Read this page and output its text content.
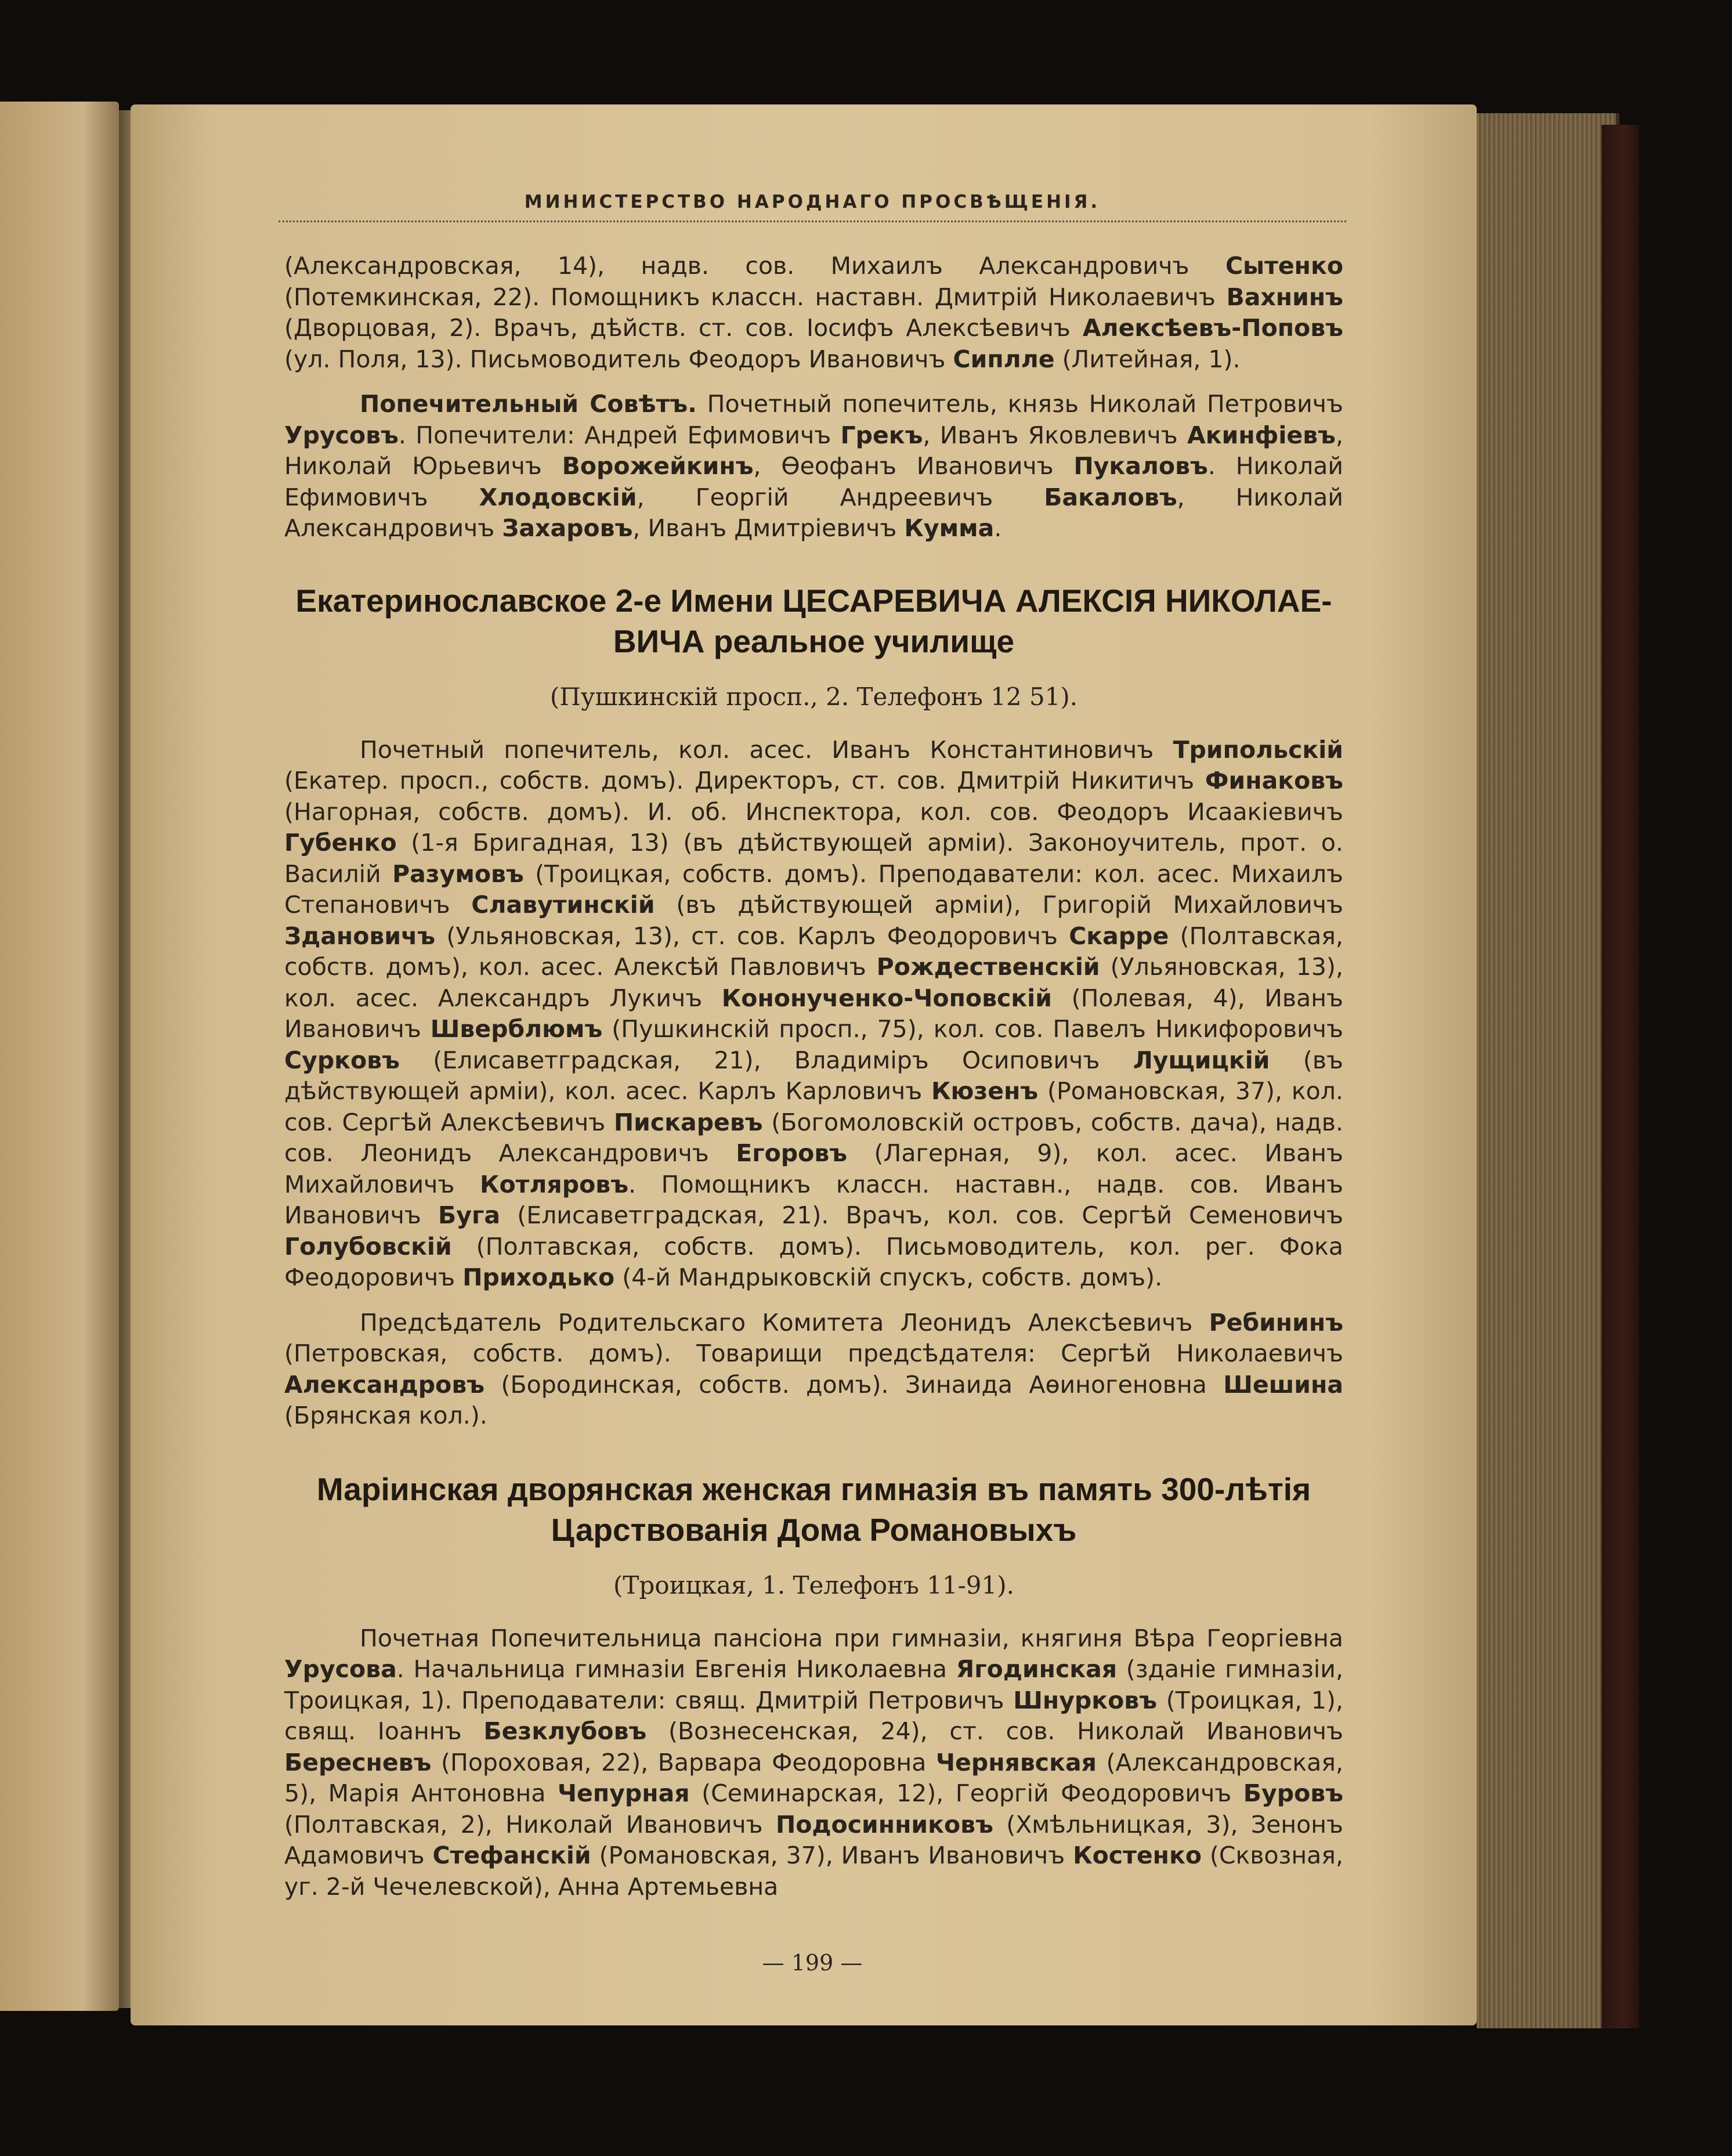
МИНИСТЕРСТВО НАРОДНАГО ПРОСВѢЩЕНІЯ.

(Александровская, 14), надв. сов. Михаилъ Александровичъ Сытенко (Потемкинская, 22). Помощникъ классн. наставн. Дмитрій Николаевичъ Вахнинъ (Дворцовая, 2). Врачъ, дѣйств. ст. сов. Іосифъ Алексѣевичъ Алексѣевъ-Поповъ (ул. Поля, 13). Письмоводитель Феодоръ Ивановичъ Сиплле (Литейная, 1).

Попечительный Совѣтъ. Почетный попечитель, князь Николай Петровичъ Урусовъ. Попечители: Андрей Ефимовичъ Грекъ, Иванъ Яковлевичъ Акинфіевъ, Николай Юрьевичъ Ворожейкинъ, Өеофанъ Ивановичъ Пукаловъ. Николай Ефимовичъ Хлодовскій, Георгій Андреевичъ Бакаловъ, Николай Александровичъ Захаровъ, Иванъ Дмитріевичъ Кумма.

Екатеринославское 2-е Имени ЦЕСАРЕВИЧА АЛЕКСІЯ НИКОЛАЕ-

ВИЧА реальное училище

(Пушкинскій просп., 2. Телефонъ 12 51).

Почетный попечитель, кол. асес. Иванъ Константиновичъ Трипольскій (Екатер. просп., собств. домъ). Директоръ, ст. сов. Дмитрій Никитичъ Финаковъ (Нагорная, собств. домъ). И. об. Инспектора, кол. сов. Феодоръ Исаакіевичъ Губенко (1-я Бригадная, 13) (въ дѣйствующей арміи). Законоучитель, прот. о. Василій Разумовъ (Троицкая, собств. домъ). Преподаватели: кол. асес. Михаилъ Степановичъ Славутинскій (въ дѣйствующей арміи), Григорій Михайловичъ Здановичъ (Ульяновская, 13), ст. сов. Карлъ Феодоровичъ Скарре (Полтавская, собств. домъ), кол. асес. Алексѣй Павловичъ Рождественскій (Ульяновская, 13), кол. асес. Александръ Лукичъ Кононученко-Чоповскій (Полевая, 4), Иванъ Ивановичъ Шверблюмъ (Пушкинскій просп., 75), кол. сов. Павелъ Никифоровичъ Сурковъ (Елисаветградская, 21), Владиміръ Осиповичъ Лущицкій (въ дѣйствующей арміи), кол. асес. Карлъ Карловичъ Кюзенъ (Романовская, 37), кол. сов. Сергѣй Алексѣевичъ Пискаревъ (Богомоловскій островъ, собств. дача), надв. сов. Леонидъ Александровичъ Егоровъ (Лагерная, 9), кол. асес. Иванъ Михайловичъ Котляровъ. Помощникъ классн. наставн., надв. сов. Иванъ Ивановичъ Буга (Елисаветградская, 21). Врачъ, кол. сов. Сергѣй Семеновичъ Голубовскій (Полтавская, собств. домъ). Письмоводитель, кол. рег. Фока Феодоровичъ Приходько (4-й Мандрыковскій спускъ, собств. домъ).

Предсѣдатель Родительскаго Комитета Леонидъ Алексѣевичъ Ребининъ (Петровская, собств. домъ). Товарищи предсѣдателя: Сергѣй Николаевичъ Александровъ (Бородинская, собств. домъ). Зинаида Аѳиногеновна Шешина (Брянская кол.).

Маріинская дворянская женская гимназія въ память 300-лѣтія

Царствованія Дома Романовыхъ

(Троицкая, 1. Телефонъ 11-91).

Почетная Попечительница пансіона при гимназіи, княгиня Вѣра Георгіевна Урусова. Начальница гимназіи Евгенія Николаевна Ягодинская (зданіе гимназіи, Троицкая, 1). Преподаватели: свящ. Дмитрій Петровичъ Шнурковъ (Троицкая, 1), свящ. Іоаннъ Безклубовъ (Вознесенская, 24), ст. сов. Николай Ивановичъ Бересневъ (Пороховая, 22), Варвара Феодоровна Чернявская (Александровская, 5), Марія Антоновна Чепурная (Семинарская, 12), Георгій Феодоровичъ Буровъ (Полтавская, 2), Николай Ивановичъ Подосинниковъ (Хмѣльницкая, 3), Зенонъ Адамовичъ Стефанскій (Романовская, 37), Иванъ Ивановичъ Костенко (Сквозная, уг. 2-й Чечелевской), Анна Артемьевна

— 199 —
